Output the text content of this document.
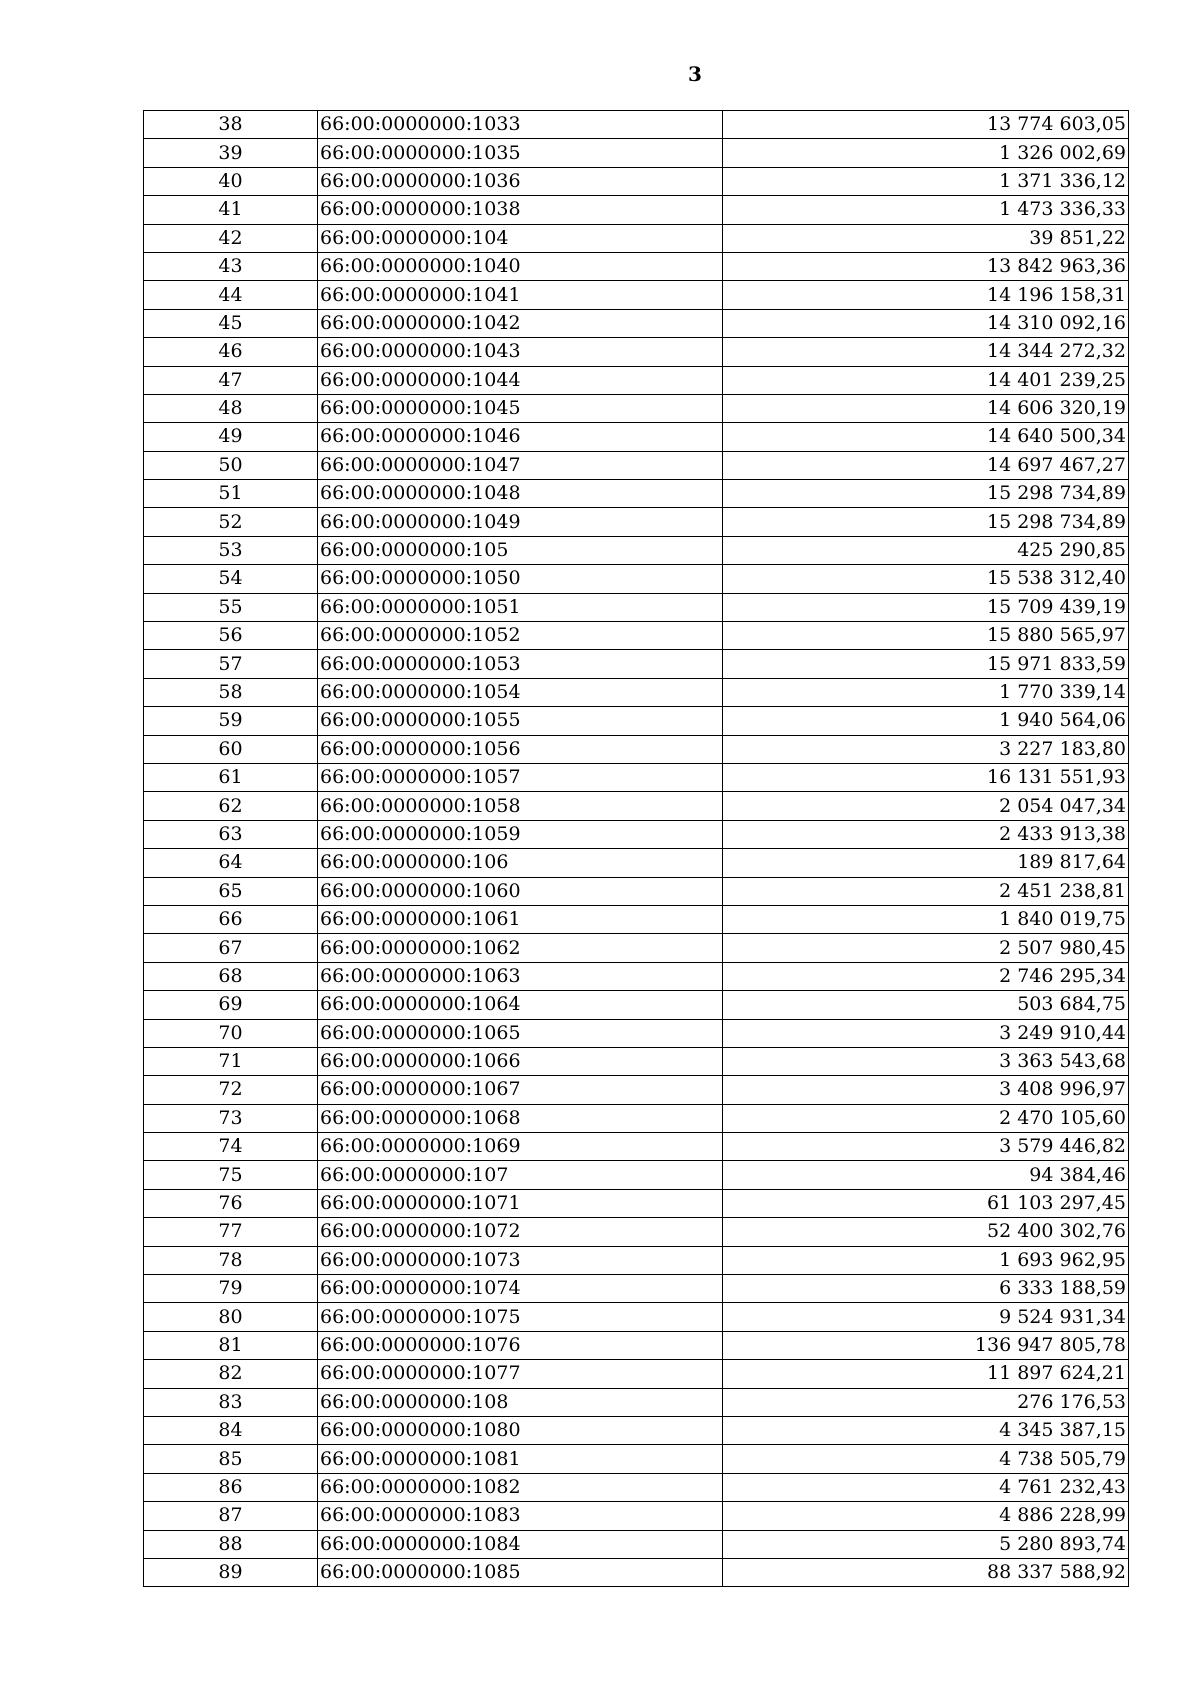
3
38	66:00:0000000:1033	13 774 603,05
39	66:00:0000000:1035	1 326 002,69
40	66:00:0000000:1036	1 371 336,12
41	66:00:0000000:1038	1 473 336,33
42	66:00:0000000:104	39 851,22
43	66:00:0000000:1040	13 842 963,36
44	66:00:0000000:1041	14 196 158,31
45	66:00:0000000:1042	14 310 092,16
46	66:00:0000000:1043	14 344 272,32
47	66:00:0000000:1044	14 401 239,25
48	66:00:0000000:1045	14 606 320,19
49	66:00:0000000:1046	14 640 500,34
50	66:00:0000000:1047	14 697 467,27
51	66:00:0000000:1048	15 298 734,89
52	66:00:0000000:1049	15 298 734,89
53	66:00:0000000:105	425 290,85
54	66:00:0000000:1050	15 538 312,40
55	66:00:0000000:1051	15 709 439,19
56	66:00:0000000:1052	15 880 565,97
57	66:00:0000000:1053	15 971 833,59
58	66:00:0000000:1054	1 770 339,14
59	66:00:0000000:1055	1 940 564,06
60	66:00:0000000:1056	3 227 183,80
61	66:00:0000000:1057	16 131 551,93
62	66:00:0000000:1058	2 054 047,34
63	66:00:0000000:1059	2 433 913,38
64	66:00:0000000:106	189 817,64
65	66:00:0000000:1060	2 451 238,81
66	66:00:0000000:1061	1 840 019,75
67	66:00:0000000:1062	2 507 980,45
68	66:00:0000000:1063	2 746 295,34
69	66:00:0000000:1064	503 684,75
70	66:00:0000000:1065	3 249 910,44
71	66:00:0000000:1066	3 363 543,68
72	66:00:0000000:1067	3 408 996,97
73	66:00:0000000:1068	2 470 105,60
74	66:00:0000000:1069	3 579 446,82
75	66:00:0000000:107	94 384,46
76	66:00:0000000:1071	61 103 297,45
77	66:00:0000000:1072	52 400 302,76
78	66:00:0000000:1073	1 693 962,95
79	66:00:0000000:1074	6 333 188,59
80	66:00:0000000:1075	9 524 931,34
81	66:00:0000000:1076	136 947 805,78
82	66:00:0000000:1077	11 897 624,21
83	66:00:0000000:108	276 176,53
84	66:00:0000000:1080	4 345 387,15
85	66:00:0000000:1081	4 738 505,79
86	66:00:0000000:1082	4 761 232,43
87	66:00:0000000:1083	4 886 228,99
88	66:00:0000000:1084	5 280 893,74
89	66:00:0000000:1085	88 337 588,92
